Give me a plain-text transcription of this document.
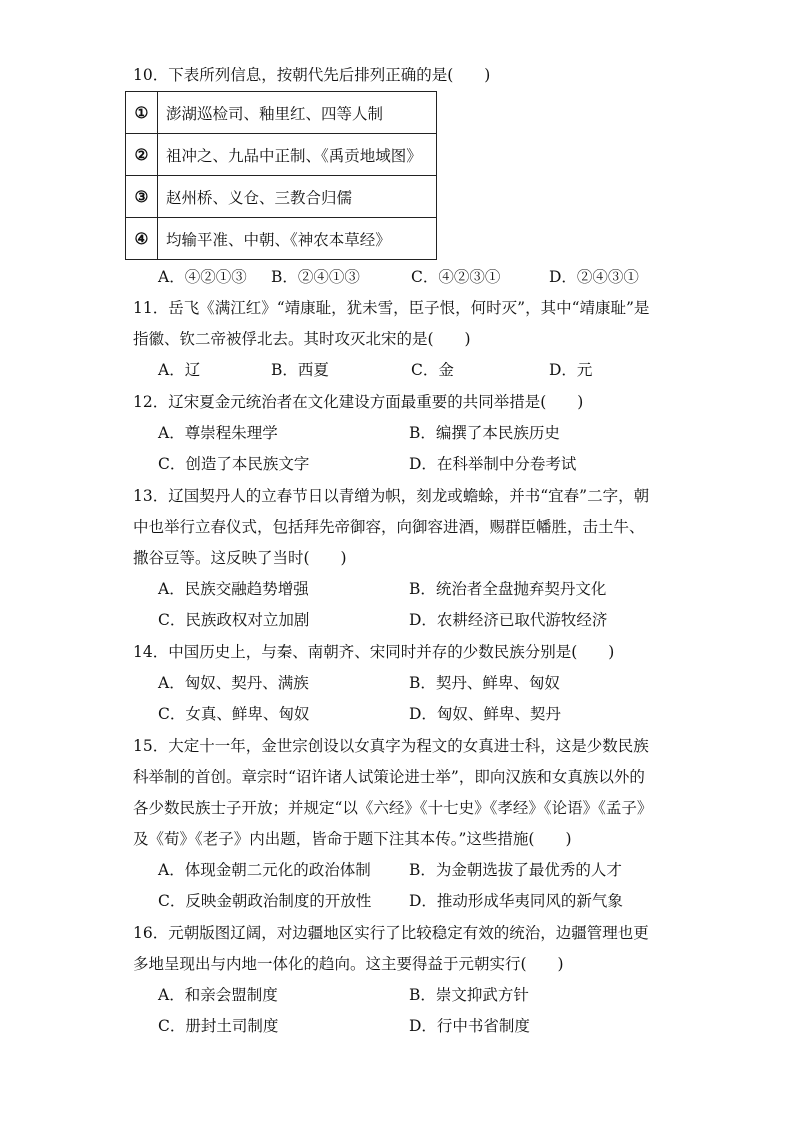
10．下表所列信息，按朝代先后排列正确的是(　　)
①	澎湖巡检司、釉里红、四等人制
②	祖冲之、九品中正制、《禹贡地域图》
③	赵州桥、义仓、三教合归儒
④	均输平准、中朝、《神农本草经》
A．④②①③ B．②④①③	C．④②③①	D．②④③①
11．岳飞《满江红》“靖康耻，犹未雪，臣子恨，何时灭”，其中“靖康耻”是
指徽、钦二帝被俘北去。其时攻灭北宋的是(　　)
A．辽	B．西夏	C．金	D．元
12．辽宋夏金元统治者在文化建设方面最重要的共同举措是(　　)
A．尊崇程朱理学	B．编撰了本民族历史
C．创造了本民族文字	D．在科举制中分卷考试
13．辽国契丹人的立春节日以青缯为帜，刻龙或蟾蜍，并书“宜春”二字，朝
中也举行立春仪式，包括拜先帝御容，向御容进酒，赐群臣幡胜，击土牛、
撒谷豆等。这反映了当时(　　)
A．民族交融趋势增强	B．统治者全盘抛弃契丹文化
C．民族政权对立加剧	D．农耕经济已取代游牧经济
14．中国历史上，与秦、南朝齐、宋同时并存的少数民族分别是(　　)
A．匈奴、契丹、满族	B．契丹、鲜卑、匈奴
C．女真、鲜卑、匈奴	D．匈奴、鲜卑、契丹
15．大定十一年，金世宗创设以女真字为程文的女真进士科，这是少数民族
科举制的首创。章宗时“诏许诸人试策论进士举”，即向汉族和女真族以外的
各少数民族士子开放；并规定“以《六经》《十七史》《孝经》《论语》《孟子》
及《荀》《老子》内出题，皆命于题下注其本传。”这些措施(　　)
A．体现金朝二元化的政治体制 B．为金朝选拔了最优秀的人才
C．反映金朝政治制度的开放性 D．推动形成华夷同风的新气象
16．元朝版图辽阔，对边疆地区实行了比较稳定有效的统治，边疆管理也更
多地呈现出与内地一体化的趋向。这主要得益于元朝实行(　　)
A．和亲会盟制度	B．崇文抑武方针
C．册封土司制度	D．行中书省制度
